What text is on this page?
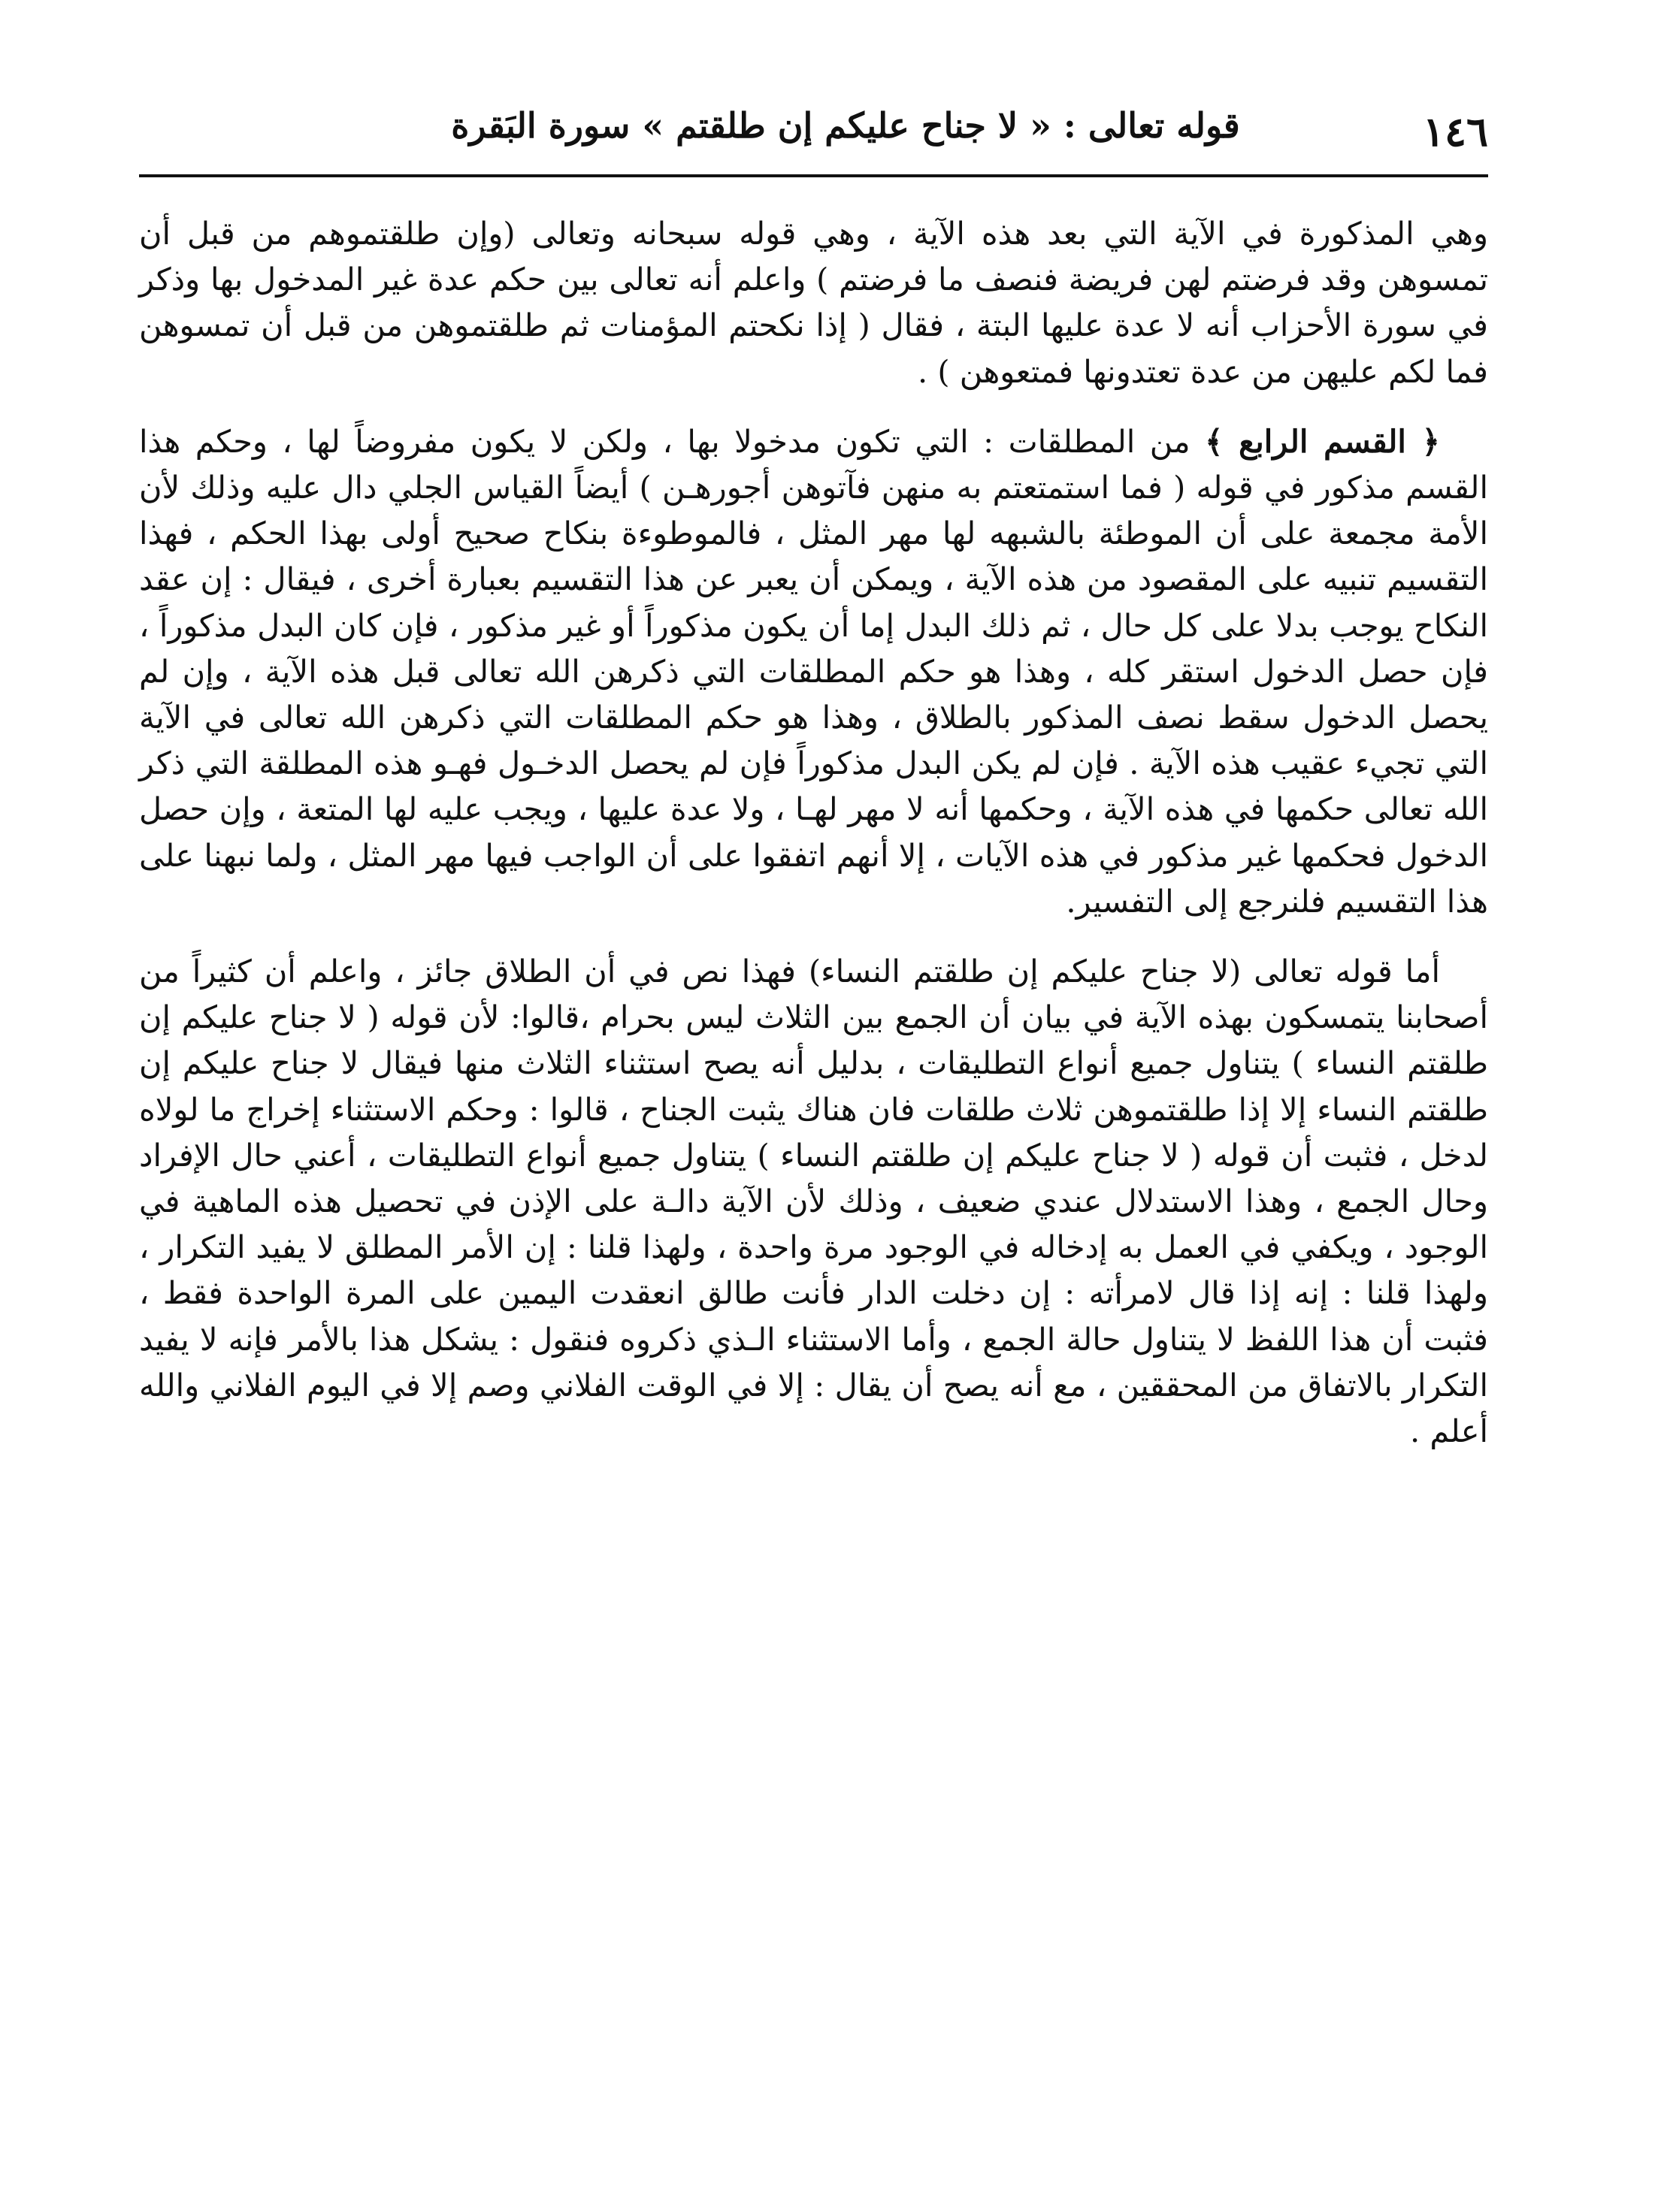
١٤٦
قوله تعالى : « لا جناح عليكم إن طلقتم » سورة البَقرة

وهي المذكورة في الآية التي بعد هذه الآية ، وهي قوله سبحانه وتعالى (وإن طلقتموهم من قبل أن تمسوهن وقد فرضتم لهن فريضة فنصف ما فرضتم ) واعلم أنه تعالى بين حكم عدة غير المدخول بها وذكر في سورة الأحزاب أنه لا عدة عليها البتة ، فقال ( إذا نكحتم المؤمنات ثم طلقتموهن من قبل أن تمسوهن فما لكم عليهن من عدة تعتدونها فمتعوهن ) .

﴿ القسم الرابع ﴾ من المطلقات : التي تكون مدخولا بها ، ولكن لا يكون مفروضاً لها ، وحكم هذا القسم مذكور في قوله ( فما استمتعتم به منهن فآتوهن أجورهـن ) أيضاً القياس الجلي دال عليه وذلك لأن الأمة مجمعة على أن الموطئة بالشبهه لها مهر المثل ، فالموطوءة بنكاح صحيح أولى بهذا الحكم ، فهذا التقسيم تنبيه على المقصود من هذه الآية ، ويمكن أن يعبر عن هذا التقسيم بعبارة أخرى ، فيقال : إن عقد النكاح يوجب بدلا على كل حال ، ثم ذلك البدل إما أن يكون مذكوراً أو غير مذكور ، فإن كان البدل مذكوراً ، فإن حصل الدخول استقر كله ، وهذا هو حكم المطلقات التي ذكرهن الله تعالى قبل هذه الآية ، وإن لم يحصل الدخول سقط نصف المذكور بالطلاق ، وهذا هو حكم المطلقات التي ذكرهن الله تعالى في الآية التي تجيء عقيب هذه الآية . فإن لم يكن البدل مذكوراً فإن لم يحصل الدخـول فهـو هذه المطلقة التي ذكر الله تعالى حكمها في هذه الآية ، وحكمها أنه لا مهر لهـا ، ولا عدة عليها ، ويجب عليه لها المتعة ، وإن حصل الدخول فحكمها غير مذكور في هذه الآيات ، إلا أنهم اتفقوا على أن الواجب فيها مهر المثل ، ولما نبهنا على هذا التقسيم فلنرجع إلى التفسير.

أما قوله تعالى (لا جناح عليكم إن طلقتم النساء) فهذا نص في أن الطلاق جائز ، واعلم أن كثيراً من أصحابنا يتمسكون بهذه الآية في بيان أن الجمع بين الثلاث ليس بحرام ،قالوا: لأن قوله ( لا جناح عليكم إن طلقتم النساء ) يتناول جميع أنواع التطليقات ، بدليل أنه يصح استثناء الثلاث منها فيقال لا جناح عليكم إن طلقتم النساء إلا إذا طلقتموهن ثلاث طلقات فان هناك يثبت الجناح ، قالوا : وحكم الاستثناء إخراج ما لولاه لدخل ، فثبت أن قوله ( لا جناح عليكم إن طلقتم النساء ) يتناول جميع أنواع التطليقات ، أعني حال الإفراد وحال الجمع ، وهذا الاستدلال عندي ضعيف ، وذلك لأن الآية دالـة على الإذن في تحصيل هذه الماهية في الوجود ، ويكفي في العمل به إدخاله في الوجود مرة واحدة ، ولهذا قلنا : إن الأمر المطلق لا يفيد التكرار ، ولهذا قلنا : إنه إذا قال لامرأته : إن دخلت الدار فأنت طالق انعقدت اليمين على المرة الواحدة فقط ، فثبت أن هذا اللفظ لا يتناول حالة الجمع ، وأما الاستثناء الـذي ذكروه فنقول : يشكل هذا بالأمر فإنه لا يفيد التكرار بالاتفاق من المحققين ، مع أنه يصح أن يقال : إلا في الوقت الفلاني وصم إلا في اليوم الفلاني والله أعلم .
